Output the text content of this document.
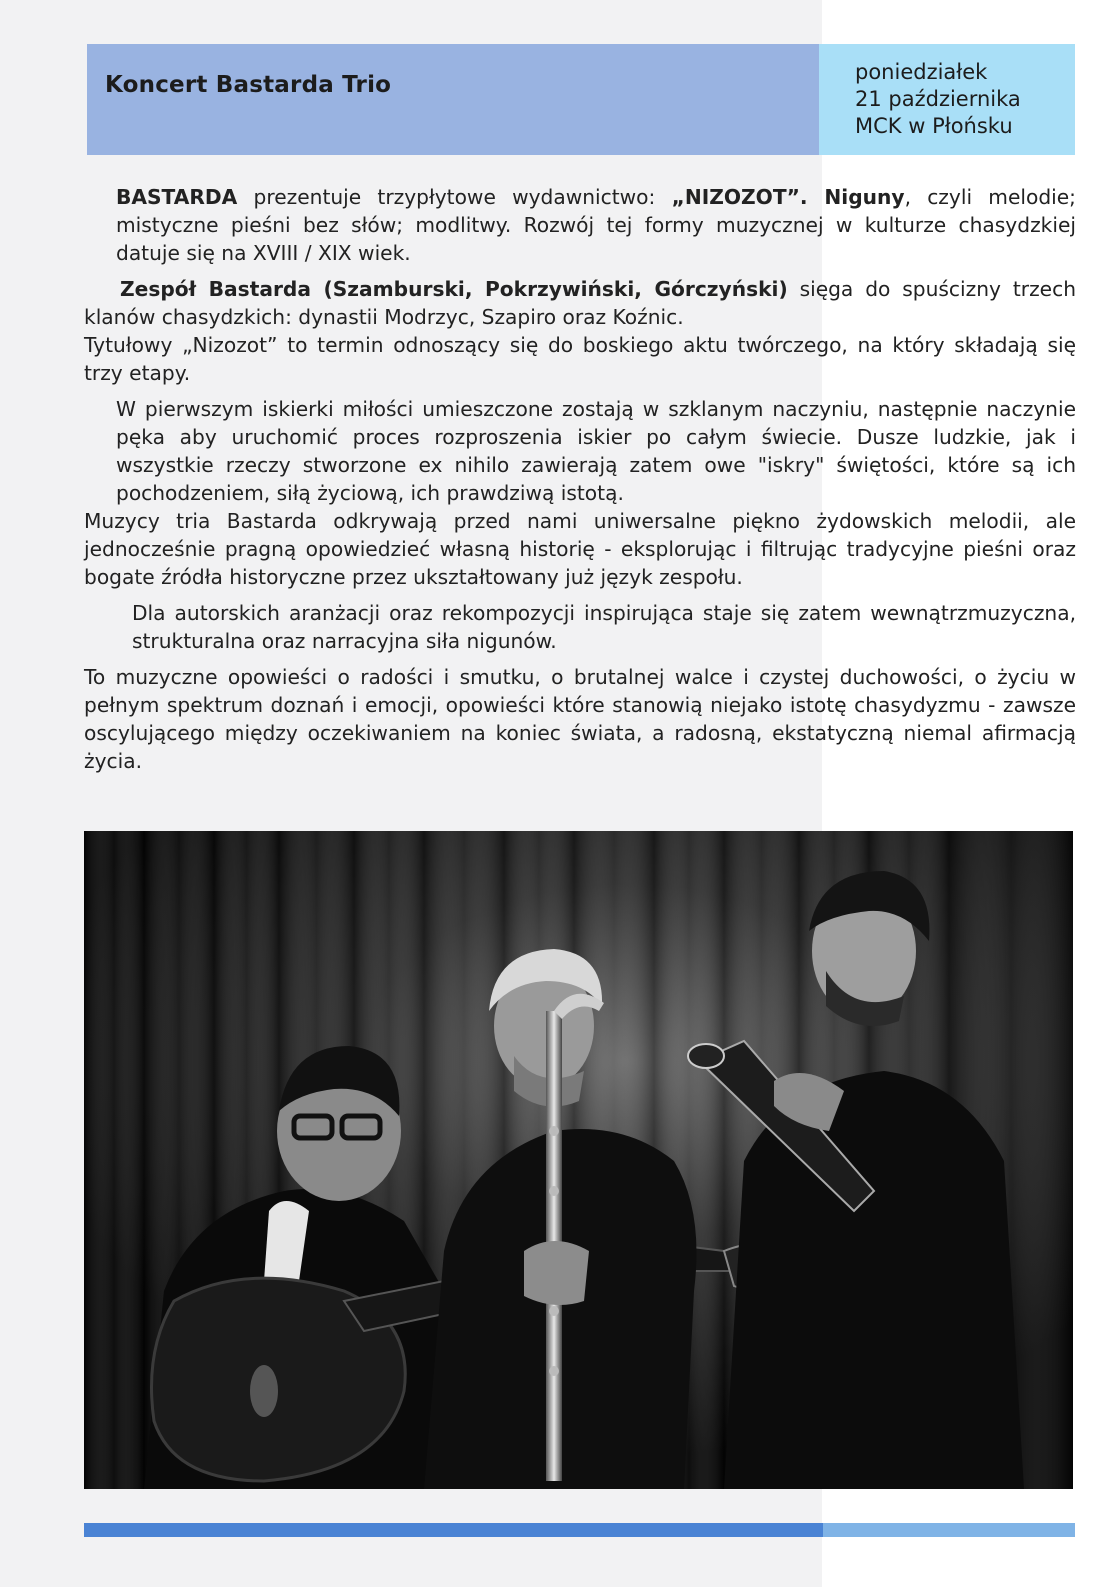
Koncert Bastarda Trio	poniedziałek
21 października
MCK w Płońsku

BASTARDA prezentuje trzypłytowe wydawnictwo: „NIZOZOT”. Niguny, czyli melodie; mistyczne pieśni bez słów; modlitwy. Rozwój tej formy muzycznej w kulturze chasydzkiej datuje się na XVIII / XIX wiek.

Zespół Bastarda (Szamburski, Pokrzywiński, Górczyński) sięga do spuścizny trzech klanów chasydzkich: dynastii Modrzyc, Szapiro oraz Koźnic.
Tytułowy „Nizozot” to termin odnoszący się do boskiego aktu twórczego, na który składają się trzy etapy.

W pierwszym iskierki miłości umieszczone zostają w szklanym naczyniu, następnie naczynie pęka aby uruchomić proces rozproszenia iskier po całym świecie. Dusze ludzkie, jak i wszystkie rzeczy stworzone ex nihilo zawierają zatem owe "iskry" świętości, które są ich pochodzeniem, siłą życiową, ich prawdziwą istotą.
Muzycy tria Bastarda odkrywają przed nami uniwersalne piękno żydowskich melodii, ale jednocześnie pragną opowiedzieć własną historię - eksplorując i filtrując tradycyjne pieśni oraz bogate źródła historyczne przez ukształtowany już język zespołu.

Dla autorskich aranżacji oraz rekompozycji inspirująca staje się zatem wewnątrzmuzyczna, strukturalna oraz narracyjna siła nigunów.

To muzyczne opowieści o radości i smutku, o brutalnej walce i czystej duchowości, o życiu w pełnym spektrum doznań i emocji, opowieści które stanowią niejako istotę chasydyzmu - zawsze oscylującego między oczekiwaniem na koniec świata, a radosną, ekstatyczną niemal afirmacją życia.
